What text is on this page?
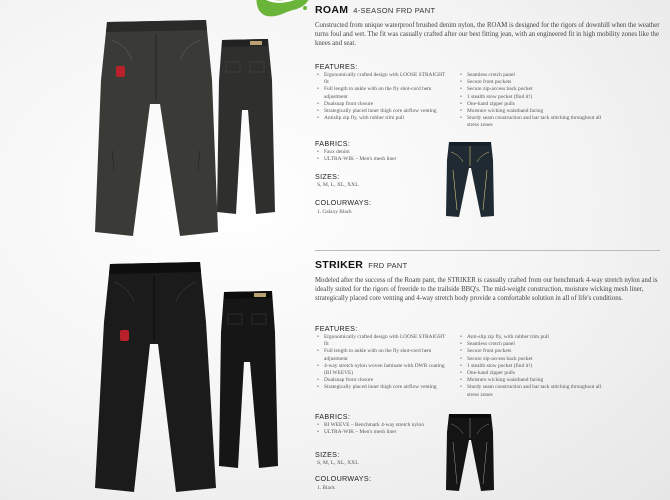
ROAM 4-SEASON FRD PANT

Constructed from unique waterproof brushed denim nylon, the ROAM is designed for the rigors of downhill when the weather turns foul and wet. The fit was casually crafted after our best fitting jean, with an engineered fit in high mobility zones like the knees and seat.

FEATURES:
• Ergonomically crafted design with LOOSE STRAIGHT fit
• Full length to ankle with on the fly shot-cord hem adjustment
• Dualsnap front closure
• Strategically placed inner thigh core airflow venting
• Antislip zip fly, with rubber trim pull
• Seamless crotch panel
• Secure front pockets
• Secure zip-access back pocket
• 1 stealth stow pocket (find it!)
• One-hand zipper pulls
• Moisture wicking waistband facing
• Sturdy seam construction and bar tack stitching throughout all stress zones
FABRICS:
• Faux denim
• ULTRA-WIK – Men's mesh liner
SIZES:
S, M, L, XL, XXL
COLOURWAYS:
1. Galaxy Black
STRIKER FRD PANT

Modeled after the success of the Roam pant, the STRIKER is casually crafted from our benchmark 4-way stretch nylon and is ideally suited for the rigors of freeride to the trailside BBQ's. The mid-weight construction, moisture wicking mesh liner, strategically placed core venting and 4-way stretch body provide a comfortable solution in all of life's conditions.

FEATURES:
• Ergonomically crafted design with LOOSE STRAIGHT fit
• Full length to ankle with on the fly shot-cord hem adjustment
• 4-way stretch nylon woven laminate with DWR coating (BI WEEVE)
• Dualsnap front closure
• Strategically placed inner thigh core airflow venting
• Anti-slip zip fly, with rubber trim pull
• Seamless crotch panel
• Secure front pockets
• Secure zip-access back pocket
• 1 stealth stow pocket (find it!)
• One-hand zipper pulls
• Moisture wicking waistband facing
• Sturdy seam construction and bar tack stitching throughout all stress zones
FABRICS:
• BI WEEVE – Benchmark 4-way stretch nylon
• ULTRA-WIK – Men's mesh liner
SIZES:
S, M, L, XL, XXL
COLOURWAYS:
1. Black
